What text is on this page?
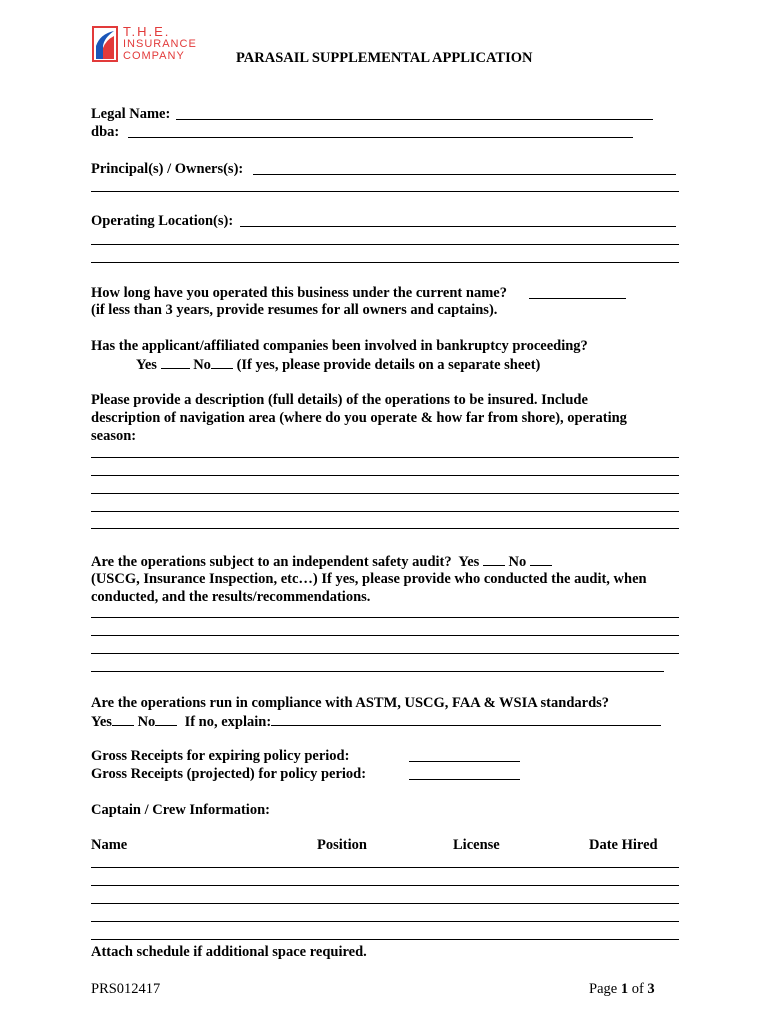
T.H.E.
INSURANCE
COMPANY	PARASAIL SUPPLEMENTAL APPLICATION
Legal Name:
dba:
Principal(s) / Owners(s):
Operating Location(s):
How long have you operated this business under the current name?
(if less than 3 years, provide resumes for all owners and captains).
Has the applicant/affiliated companies been involved in bankruptcy proceeding?
Yes	No (If yes, please provide details on a separate sheet)
Please provide a description (full details) of the operations to be insured. Include
description of navigation area (where do you operate & how far from shore), operating
season:
Are the operations subject to an independent safety audit? Yes No
(USCG, Insurance Inspection, etc…) If yes, please provide who conducted the audit, when
conducted, and the results/recommendations.
Are the operations run in compliance with ASTM, USCG, FAA & WSIA standards?
Yes No If no, explain:
Gross Receipts for expiring policy period:
Gross Receipts (projected) for policy period:
Captain / Crew Information:
Name	Position	License	Date Hired
Attach schedule if additional space required.
PRS012417	Page 1 of 3
